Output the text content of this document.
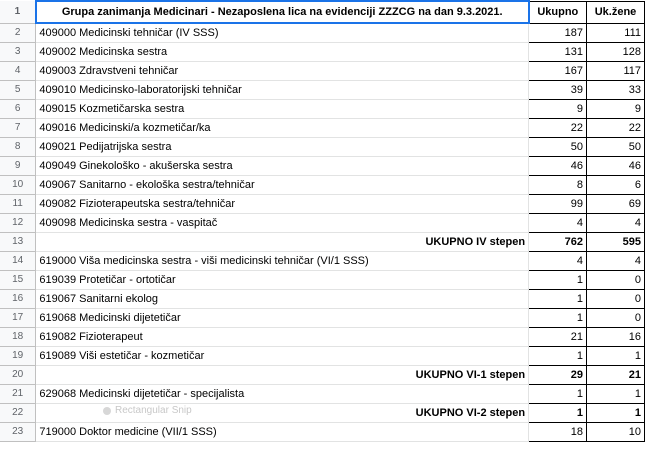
1	Grupa zanimanja Medicinari - Nezaposlena lica na evidenciji ZZZCG na dan 9.3.2021.	Ukupno	Uk.žene
2	409000 Medicinski tehničar (IV SSS)	187	111
3	409002 Medicinska sestra	131	128
4	409003 Zdravstveni tehničar	167	117
5	409010 Medicinsko-laboratorijski tehničar	39	33
6	409015 Kozmetičarska sestra	9	9
7	409016 Medicinski/a kozmetičar/ka	22	22
8	409021 Pedijatrijska sestra	50	50
9	409049 Ginekološko - akušerska sestra	46	46
10	409067 Sanitarno - ekološka sestra/tehničar	8	6
11	409082 Fizioterapeutska sestra/tehničar	99	69
12	409098 Medicinska sestra - vaspitač	4	4
13	UKUPNO IV stepen	762	595
14	619000 Viša medicinska sestra - viši medicinski tehničar (VI/1 SSS)	4	4
15	619039 Protetičar - ortotičar	1	0
16	619067 Sanitarni ekolog	1	0
17	619068 Medicinski dijetetičar	1	0
18	619082 Fizioterapeut	21	16
19	619089 Viši estetičar - kozmetičar	1	1
20	UKUPNO VI-1 stepen	29	21
21	629068 Medicinski dijetetičar - specijalista	1	1
22	UKUPNO VI-2 stepen	1	1
23	719000 Doktor medicine (VII/1 SSS)	18	10
Rectangular Snip
